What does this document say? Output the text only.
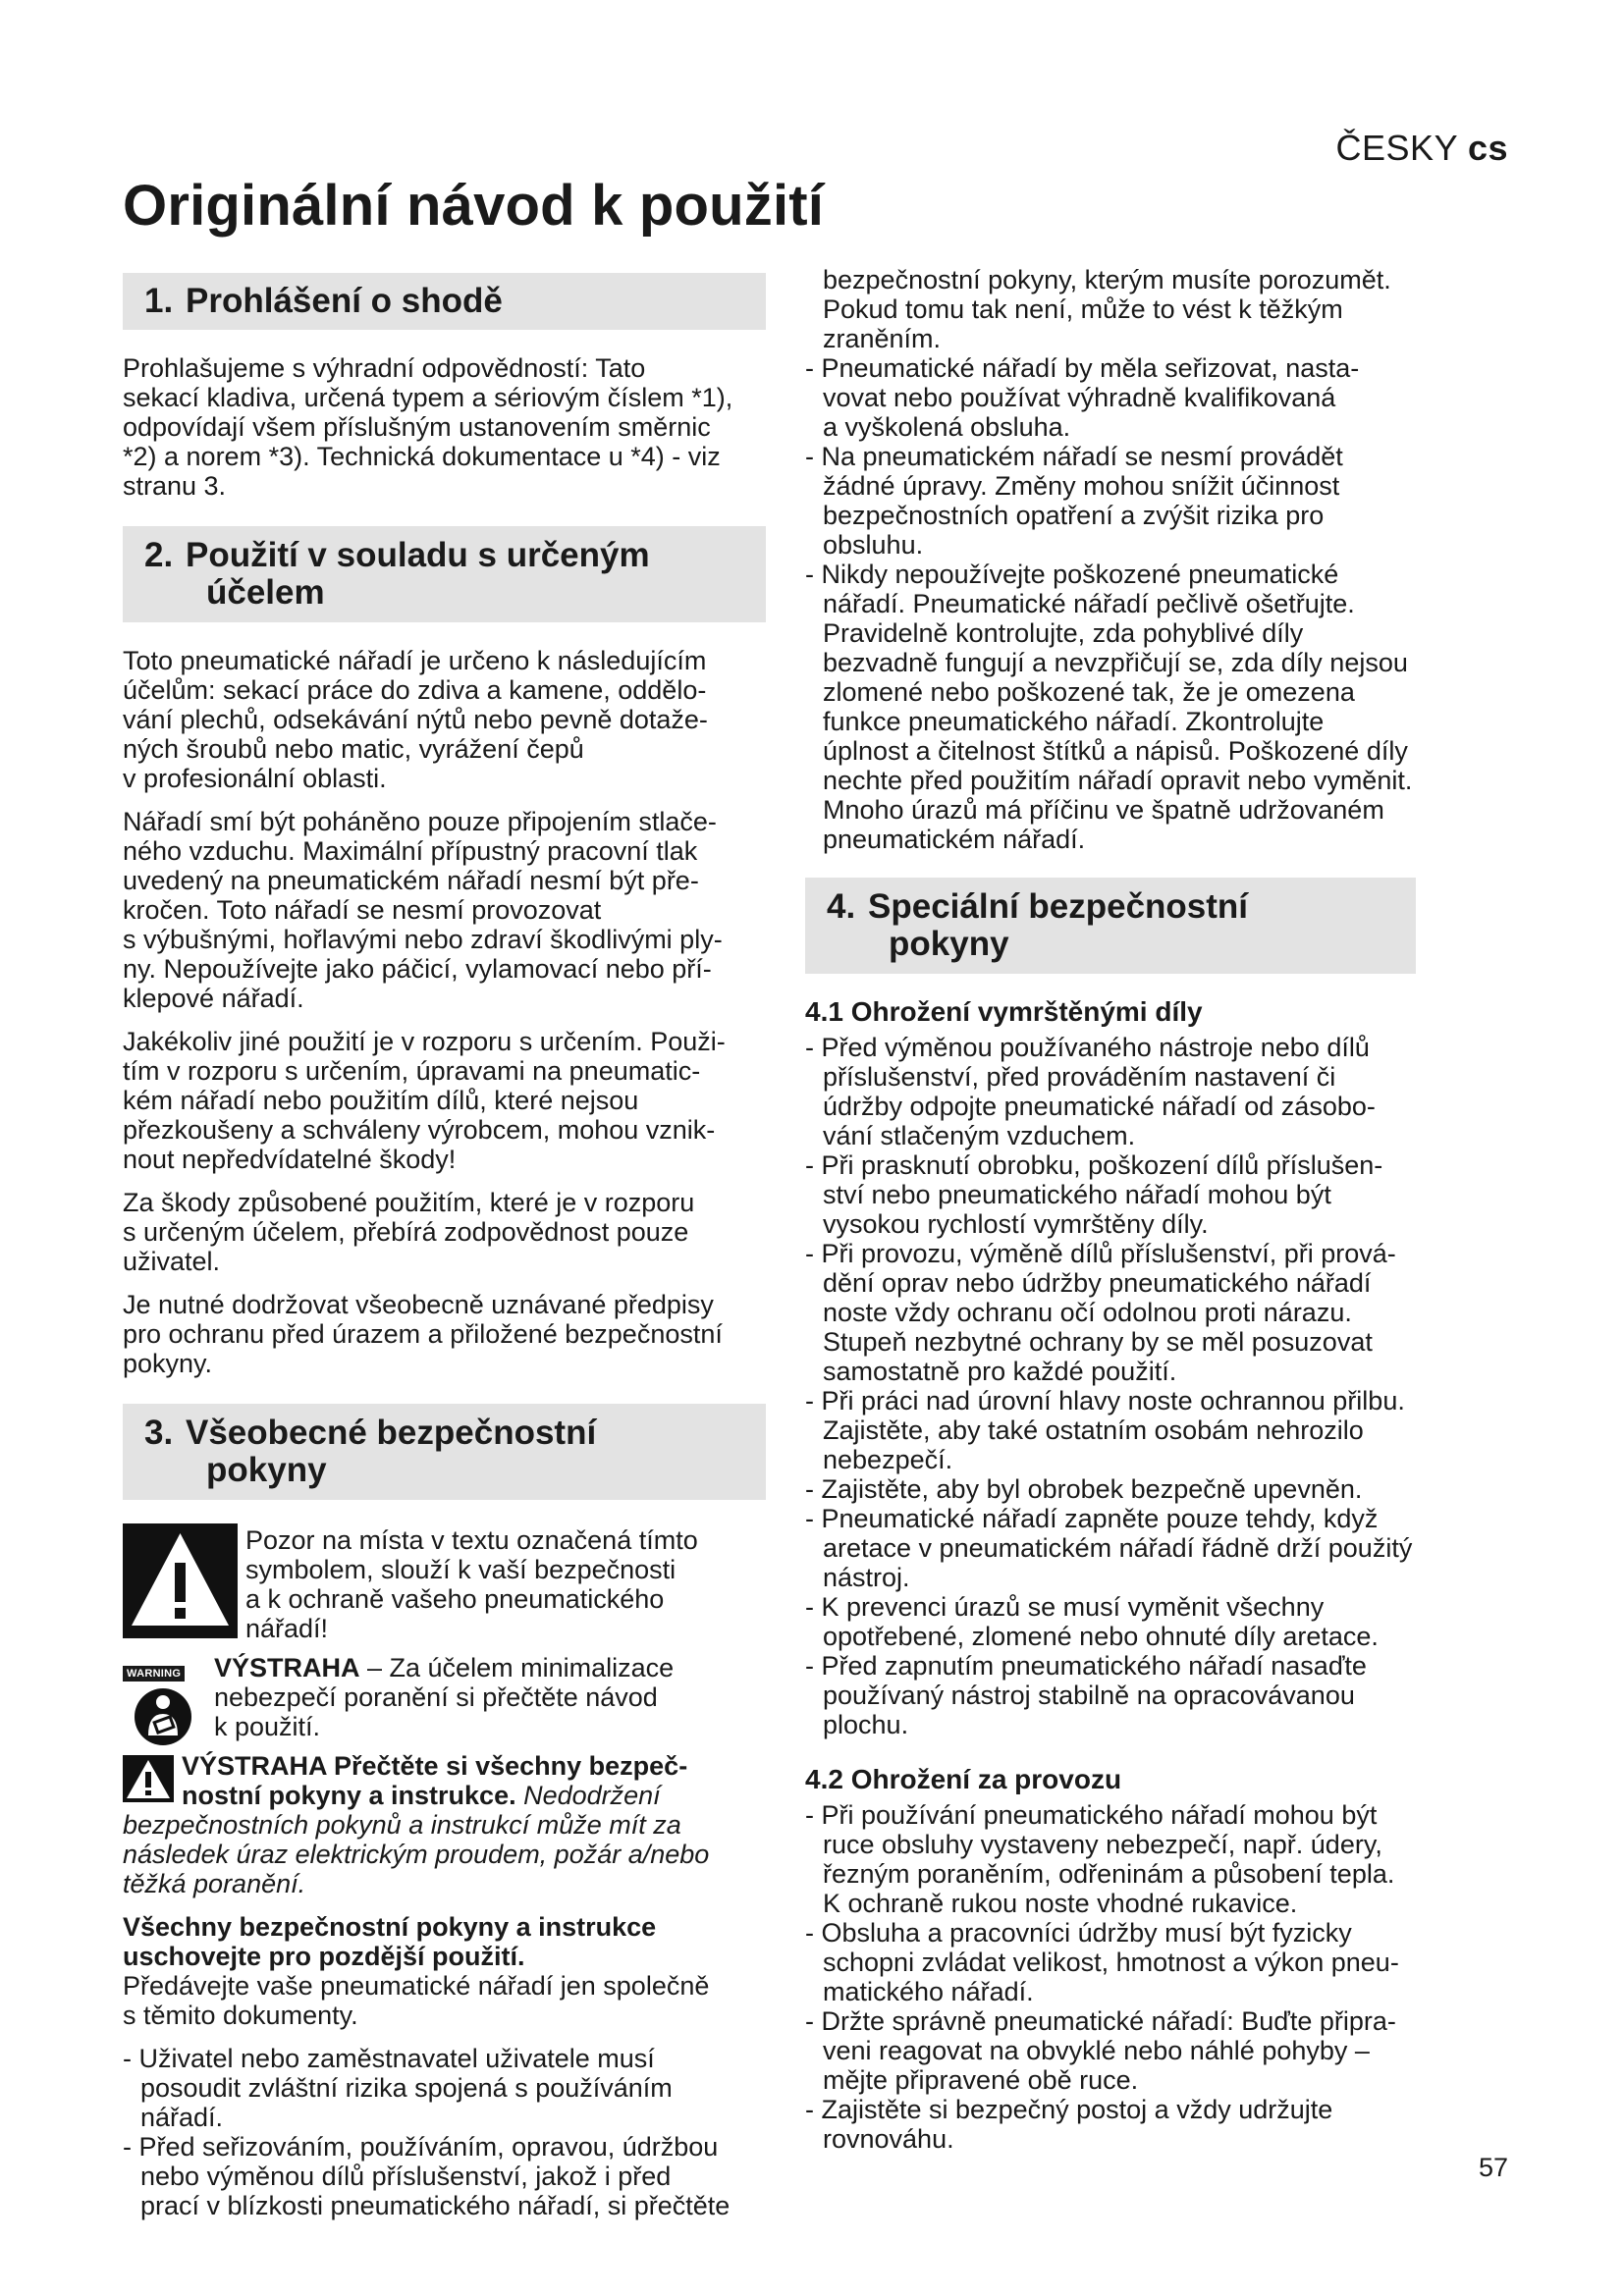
ČESKY cs
Originální návod k použití
1. Prohlášení o shodě

Prohlašujeme s výhradní odpovědností: Tato
sekací kladiva, určená typem a sériovým číslem *1),
odpovídají všem příslušným ustanovením směrnic
*2) a norem *3). Technická dokumentace u *4) - viz
stranu 3.

2. Použití v souladu s určeným
účelem

Toto pneumatické nářadí je určeno k následujícím
účelům: sekací práce do zdiva a kamene, oddělo-
vání plechů, odsekávání nýtů nebo pevně dotaže-
ných šroubů nebo matic, vyrážení čepů
v profesionální oblasti.

Nářadí smí být poháněno pouze připojením stlače-
ného vzduchu. Maximální přípustný pracovní tlak
uvedený na pneumatickém nářadí nesmí být pře-
kročen. Toto nářadí se nesmí provozovat
s výbušnými, hořlavými nebo zdraví škodlivými ply-
ny. Nepoužívejte jako páčicí, vylamovací nebo pří-
klepové nářadí.

Jakékoliv jiné použití je v rozporu s určením. Použi-
tím v rozporu s určením, úpravami na pneumatic-
kém nářadí nebo použitím dílů, které nejsou
přezkoušeny a schváleny výrobcem, mohou vznik-
nout nepředvídatelné škody!

Za škody způsobené použitím, které je v rozporu
s určeným účelem, přebírá zodpovědnost pouze
uživatel.

Je nutné dodržovat všeobecně uznávané předpisy
pro ochranu před úrazem a přiložené bezpečnostní
pokyny.

3. Všeobecné bezpečnostní
pokyny
Pozor na místa v textu označená tímto
symbolem, slouží k vaší bezpečnosti
a k ochraně vašeho pneumatického
nářadí!
WARNING	VÝSTRAHA – Za účelem minimalizace
nebezpečí poranění si přečtěte návod
k použití.
VÝSTRAHA Přečtěte si všechny bezpeč-
nostní pokyny a instrukce. Nedodržení
bezpečnostních pokynů a instrukcí může mít za
následek úraz elektrickým proudem, požár a/nebo
těžká poranění.

Všechny bezpečnostní pokyny a instrukce
uschovejte pro pozdější použití.
Předávejte vaše pneumatické nářadí jen společně
s těmito dokumenty.

- Uživatel nebo zaměstnavatel uživatele musí
posoudit zvláštní rizika spojená s používáním
nářadí.
- Před seřizováním, používáním, opravou, údržbou
nebo výměnou dílů příslušenství, jakož i před
prací v blízkosti pneumatického nářadí, si přečtěte

bezpečnostní pokyny, kterým musíte porozumět.
Pokud tomu tak není, může to vést k těžkým
zraněním.

- Pneumatické nářadí by měla seřizovat, nasta-
vovat nebo používat výhradně kvalifikovaná
a vyškolená obsluha.
- Na pneumatickém nářadí se nesmí provádět
žádné úpravy. Změny mohou snížit účinnost
bezpečnostních opatření a zvýšit rizika pro
obsluhu.
- Nikdy nepoužívejte poškozené pneumatické
nářadí. Pneumatické nářadí pečlivě ošetřujte.
Pravidelně kontrolujte, zda pohyblivé díly
bezvadně fungují a nevzpřičují se, zda díly nejsou
zlomené nebo poškozené tak, že je omezena
funkce pneumatického nářadí. Zkontrolujte
úplnost a čitelnost štítků a nápisů. Poškozené díly
nechte před použitím nářadí opravit nebo vyměnit.
Mnoho úrazů má příčinu ve špatně udržovaném
pneumatickém nářadí.
4. Speciální bezpečnostní
pokyny
4.1 Ohrožení vymrštěnými díly
- Před výměnou používaného nástroje nebo dílů
příslušenství, před prováděním nastavení či
údržby odpojte pneumatické nářadí od zásobo-
vání stlačeným vzduchem.
- Při prasknutí obrobku, poškození dílů příslušen-
ství nebo pneumatického nářadí mohou být
vysokou rychlostí vymrštěny díly.
- Při provozu, výměně dílů příslušenství, při prová-
dění oprav nebo údržby pneumatického nářadí
noste vždy ochranu očí odolnou proti nárazu.
Stupeň nezbytné ochrany by se měl posuzovat
samostatně pro každé použití.
- Při práci nad úrovní hlavy noste ochrannou přilbu.
Zajistěte, aby také ostatním osobám nehrozilo
nebezpečí.
- Zajistěte, aby byl obrobek bezpečně upevněn.
- Pneumatické nářadí zapněte pouze tehdy, když
aretace v pneumatickém nářadí řádně drží použitý
nástroj.
- K prevenci úrazů se musí vyměnit všechny
opotřebené, zlomené nebo ohnuté díly aretace.
- Před zapnutím pneumatického nářadí nasaďte
používaný nástroj stabilně na opracovávanou
plochu.
4.2 Ohrožení za provozu
- Při používání pneumatického nářadí mohou být
ruce obsluhy vystaveny nebezpečí, např. údery,
řezným poraněním, odřeninám a působení tepla.
K ochraně rukou noste vhodné rukavice.
- Obsluha a pracovníci údržby musí být fyzicky
schopni zvládat velikost, hmotnost a výkon pneu-
matického nářadí.
- Držte správně pneumatické nářadí: Buďte připra-
veni reagovat na obvyklé nebo náhlé pohyby –
mějte připravené obě ruce.
- Zajistěte si bezpečný postoj a vždy udržujte
rovnováhu.
57
